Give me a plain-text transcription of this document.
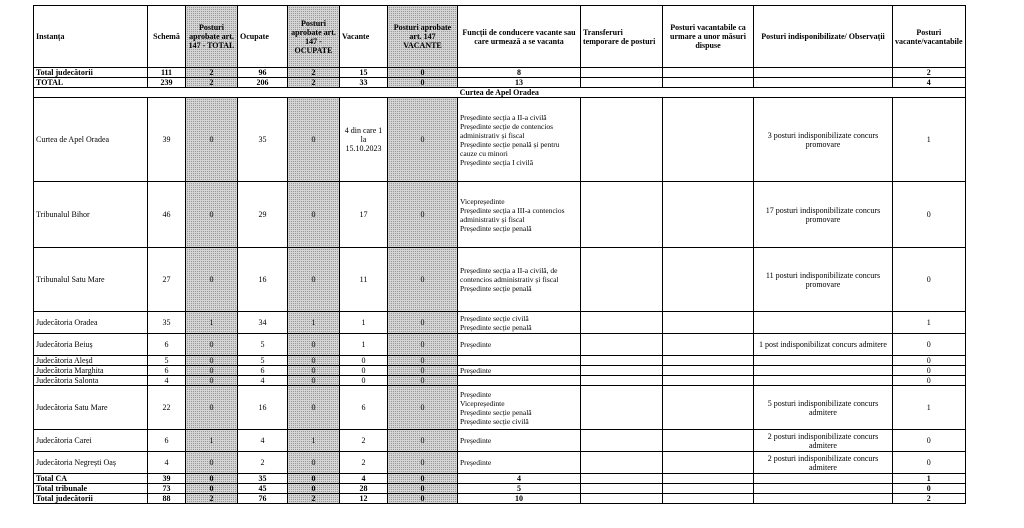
Instanța	Schemă	Posturi aprobate art. 147 - TOTAL	Ocupate	Posturi aprobate art. 147 - OCUPATE	Vacante	Posturi aprobate art. 147 VACANTE	Funcții de conducere vacante sau care urmează a se vacanta	Transferuri temporare de posturi	Posturi vacantabile ca urmare a unor măsuri dispuse	Posturi indisponibilizate/ Observații	Posturi vacante/vacantabile
Total judecătorii	111	2	96	2	15	0	8				2
TOTAL	239	2	206	2	33	0	13				4
Curtea de Apel Oradea											
Curtea de Apel Oradea	39	0	35	0	4 din care 1 la 15.10.2023	0	Președinte secția a II-a civilă
Președinte secție de contencios administrativ și fiscal
Președinte secție penală și pentru cauze cu minori
Președinte secția I civilă			3 posturi indisponibilizate concurs promovare	1
Tribunalul Bihor	46	0	29	0	17	0	Vicepreședinte
Președinte secția a III-a contencios administrativ și fiscal
Președinte secție penală			17 posturi indisponibilizate concurs promovare	0
Tribunalul Satu Mare	27	0	16	0	11	0	Președinte secția a II-a civilă, de contencios administrativ și fiscal
Președinte secție penală			11 posturi indisponibilizate concurs promovare	0
Judecătoria Oradea	35	1	34	1	1	0	Președinte secție civilă
Președinte secție penală				1
Judecătoria Beiuș	6	0	5	0	1	0	Președinte			1 post indisponibilizat concurs admitere	0
Judecătoria Aleșd	5	0	5	0	0	0					0
Judecătoria Marghita	6	0	6	0	0	0	Președinte				0
Judecătoria Salonta	4	0	4	0	0	0					0
Judecătoria Satu Mare	22	0	16	0	6	0	Președinte
Vicepreședinte
Președinte secție penală
Președinte secție civilă			5 posturi indisponibilizate concurs admitere	1
Judecătoria Carei	6	1	4	1	2	0	Președinte			2 posturi indisponibilizate concurs admitere	0
Judecătoria Negrești Oaș	4	0	2	0	2	0	Președinte			2 posturi indisponibilizate concurs admitere	0
Total CA	39	0	35	0	4	0	4				1
Total tribunale	73	0	45	0	28	0	5				0
Total judecătorii	88	2	76	2	12	0	10				2
